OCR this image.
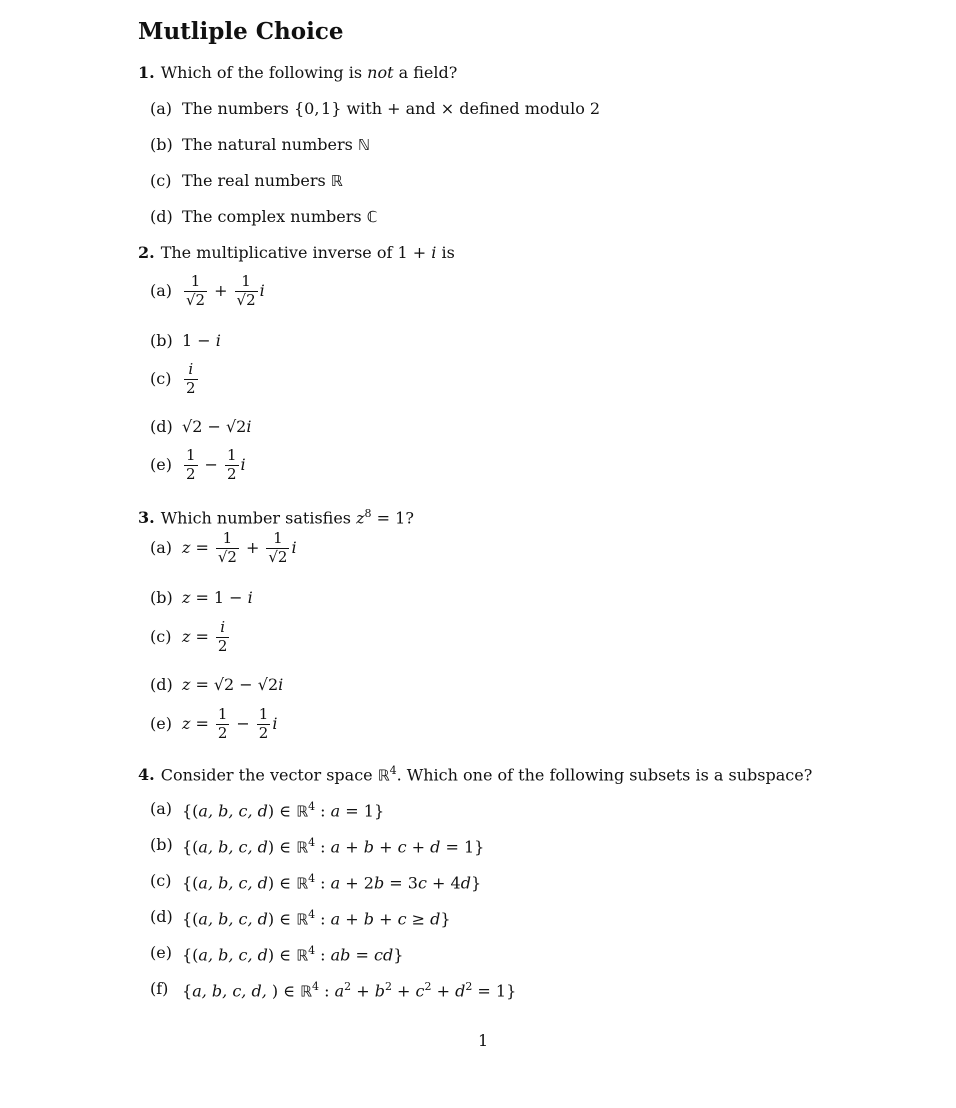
Mutliple Choice
1. Which of the following is not a field?
(a) The numbers {0, 1} with + and × defined modulo 2
(b) The natural numbers
ℕ
(c) The real numbers
ℝ
(d) The complex numbers
ℂ
2. The multiplicative inverse of 1 + i is
$(a) \frac{1}{√2} + \frac{1}{√2}$ i
(b) 1 − i
$(c) \frac{i}{2}$
(d) √2 − √2i
$(e) \frac{1}{2} - \frac{1}{2}$ i
3. Which number satisfies $z^8 = 1$?
(a) $z = \frac{1}{√2} + \frac{1}{√2}$ i
(b) z = 1 − i
(c) $z = \frac{i}{2}$
(d) z = √2 − √2i
(e) $z = \frac{1}{2} - \frac{1}{2}$ i
4. Consider the vector space ℝ$^4$. Which one of the following subsets is a subspace?
(a) {(a, b, c, d) ∈ ℝ$^4$ : a = 1}
(b) {(a, b, c, d) ∈ ℝ$^4$ : a + b + c + d = 1}
(c) {(a, b, c, d) ∈ ℝ$^4$ : a + 2b = 3c + 4d}
(d) {(a, b, c, d) ∈ ℝ$^4$ : a + b + c ≥ d}
(e) {(a, b, c, d) ∈ ℝ$^4$ : ab = cd}
(f) {a, b, c, d, ) ∈ ℝ$^4$ : $a^2 + b^2 + c^2 + d^2 = 1$}
1
